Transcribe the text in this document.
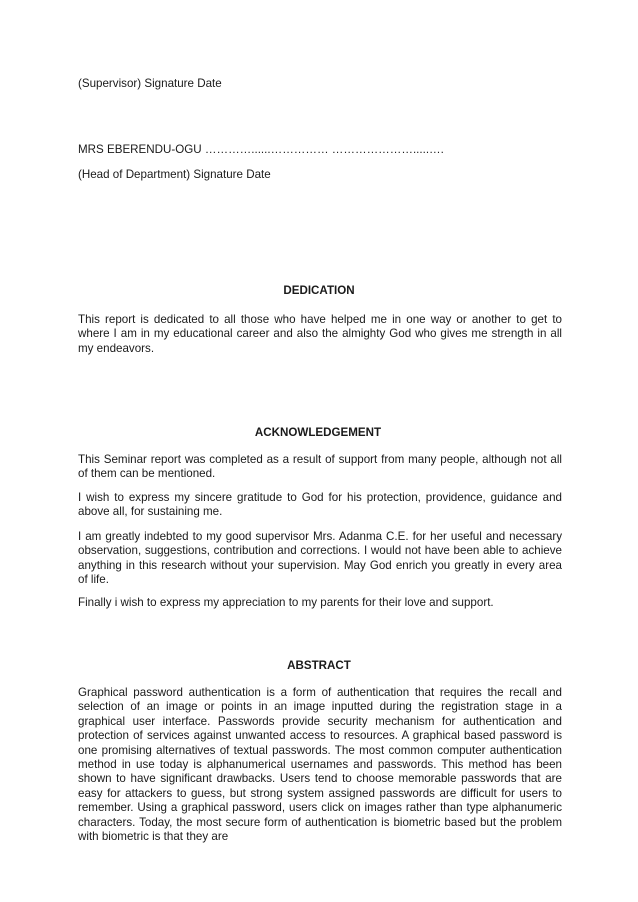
(Supervisor) Signature Date

MRS EBERENDU-OGU …………......…………… ………………….....….

(Head of Department) Signature Date

DEDICATION

This report is dedicated to all those who have helped me in one way or another to get to where I am in my educational career and also the almighty God who gives me strength in all my endeavors.

ACKNOWLEDGEMENT

This Seminar report was completed as a result of support from many people, although not all of them can be mentioned.

I wish to express my sincere gratitude to God for his protection, providence, guidance and above all, for sustaining me.

I am greatly indebted to my good supervisor Mrs. Adanma C.E. for her useful and necessary observation, suggestions, contribution and corrections. I would not have been able to achieve anything in this research without your supervision. May God enrich you greatly in every area of life.

Finally i wish to express my appreciation to my parents for their love and support.

ABSTRACT

Graphical password authentication is a form of authentication that requires the recall and selection of an image or points in an image inputted during the registration stage in a graphical user interface. Passwords provide security mechanism for authentication and protection of services against unwanted access to resources. A graphical based password is one promising alternatives of textual passwords. The most common computer authentication method in use today is alphanumerical usernames and passwords. This method has been shown to have significant drawbacks. Users tend to choose memorable passwords that are easy for attackers to guess, but strong system assigned passwords are difficult for users to remember. Using a graphical password, users click on images rather than type alphanumeric characters. Today, the most secure form of authentication is biometric based but the problem with biometric is that they are
